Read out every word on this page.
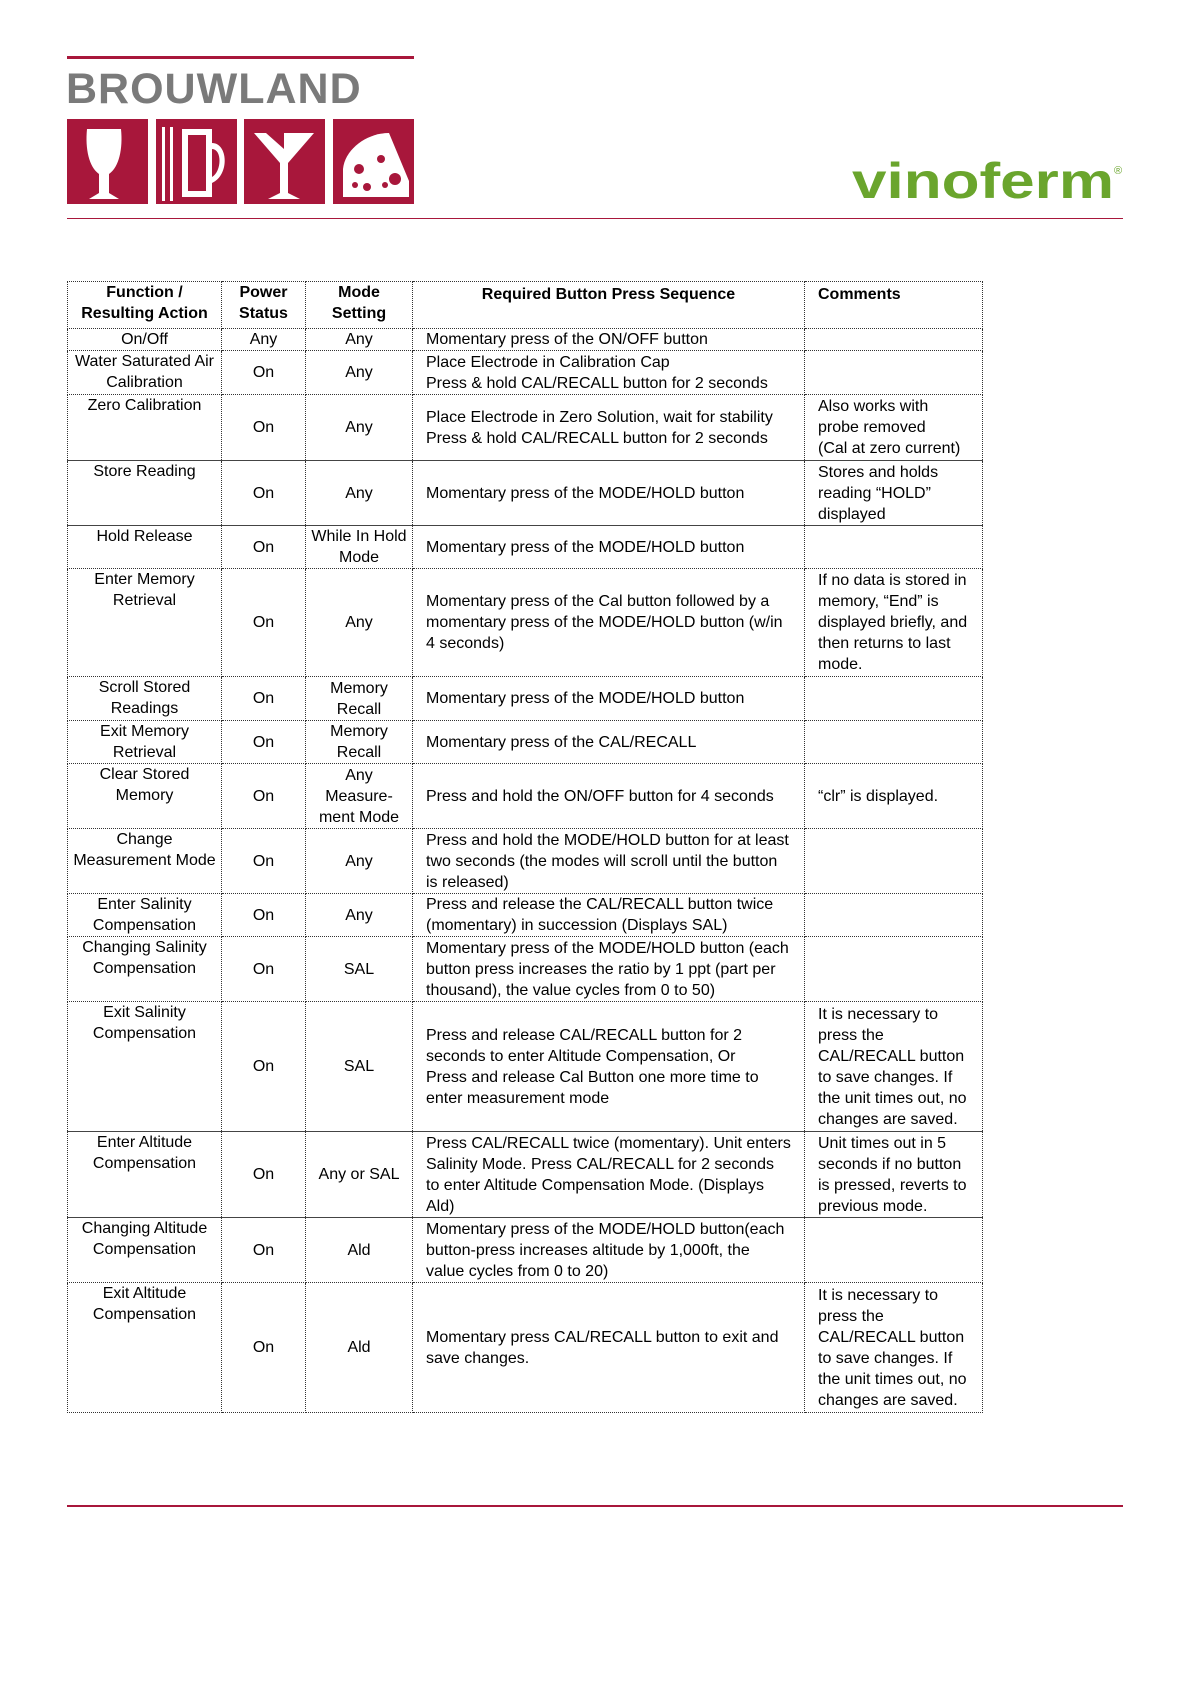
BROUWLAND
vinoferm ®
Function / Resulting Action	Power Status	Mode Setting	Required Button Press Sequence	Comments
On/Off	Any	Any	Momentary press of the ON/OFF button	

Water Saturated Air Calibration	On	Any	Place Electrode in Calibration Cap
Press & hold CAL/RECALL button for 2 seconds	

Zero Calibration	On	Any	Place Electrode in Zero Solution, wait for stability
Press & hold CAL/RECALL button for 2 seconds	Also works with probe removed
(Cal at zero current)

Store Reading	On	Any	Momentary press of the MODE/HOLD button	Stores and holds reading “HOLD” displayed

Hold Release	On	While In Hold Mode	Momentary press of the MODE/HOLD button	

Enter Memory Retrieval	On	Any	Momentary press of the Cal button followed by a momentary press of the MODE/HOLD button (w/in 4 seconds)	If no data is stored in memory, “End” is displayed briefly, and then returns to last mode.

Scroll Stored Readings	On	Memory Recall	Momentary press of the MODE/HOLD button	

Exit Memory Retrieval	On	Memory Recall	Momentary press of the CAL/RECALL	

Clear Stored Memory	On	Any Measure-ment Mode	Press and hold the ON/OFF button for 4 seconds	“clr” is displayed.

Change Measurement Mode	On	Any	Press and hold the MODE/HOLD button for at least two seconds (the modes will scroll until the button is released)	

Enter Salinity Compensation	On	Any	Press and release the CAL/RECALL button twice (momentary) in succession (Displays SAL)	

Changing Salinity Compensation	On	SAL	Momentary press of the MODE/HOLD button (each button press increases the ratio by 1 ppt (part per thousand), the value cycles from 0 to 50)	

Exit Salinity Compensation	On	SAL	Press and release CAL/RECALL button for 2 seconds to enter Altitude Compensation, Or
Press and release Cal Button one more time to enter measurement mode	It is necessary to press the CAL/RECALL button to save changes. If the unit times out, no changes are saved.

Enter Altitude Compensation	On	Any or SAL	Press CAL/RECALL twice (momentary). Unit enters Salinity Mode. Press CAL/RECALL for 2 seconds to enter Altitude Compensation Mode. (Displays Ald)	Unit times out in 5 seconds if no button is pressed, reverts to previous mode.

Changing Altitude Compensation	On	Ald	Momentary press of the MODE/HOLD button(each button-press increases altitude by 1,000ft, the value cycles from 0 to 20)	

Exit Altitude Compensation	On	Ald	Momentary press CAL/RECALL button to exit and save changes.	It is necessary to press the CAL/RECALL button to save changes. If the unit times out, no changes are saved.
